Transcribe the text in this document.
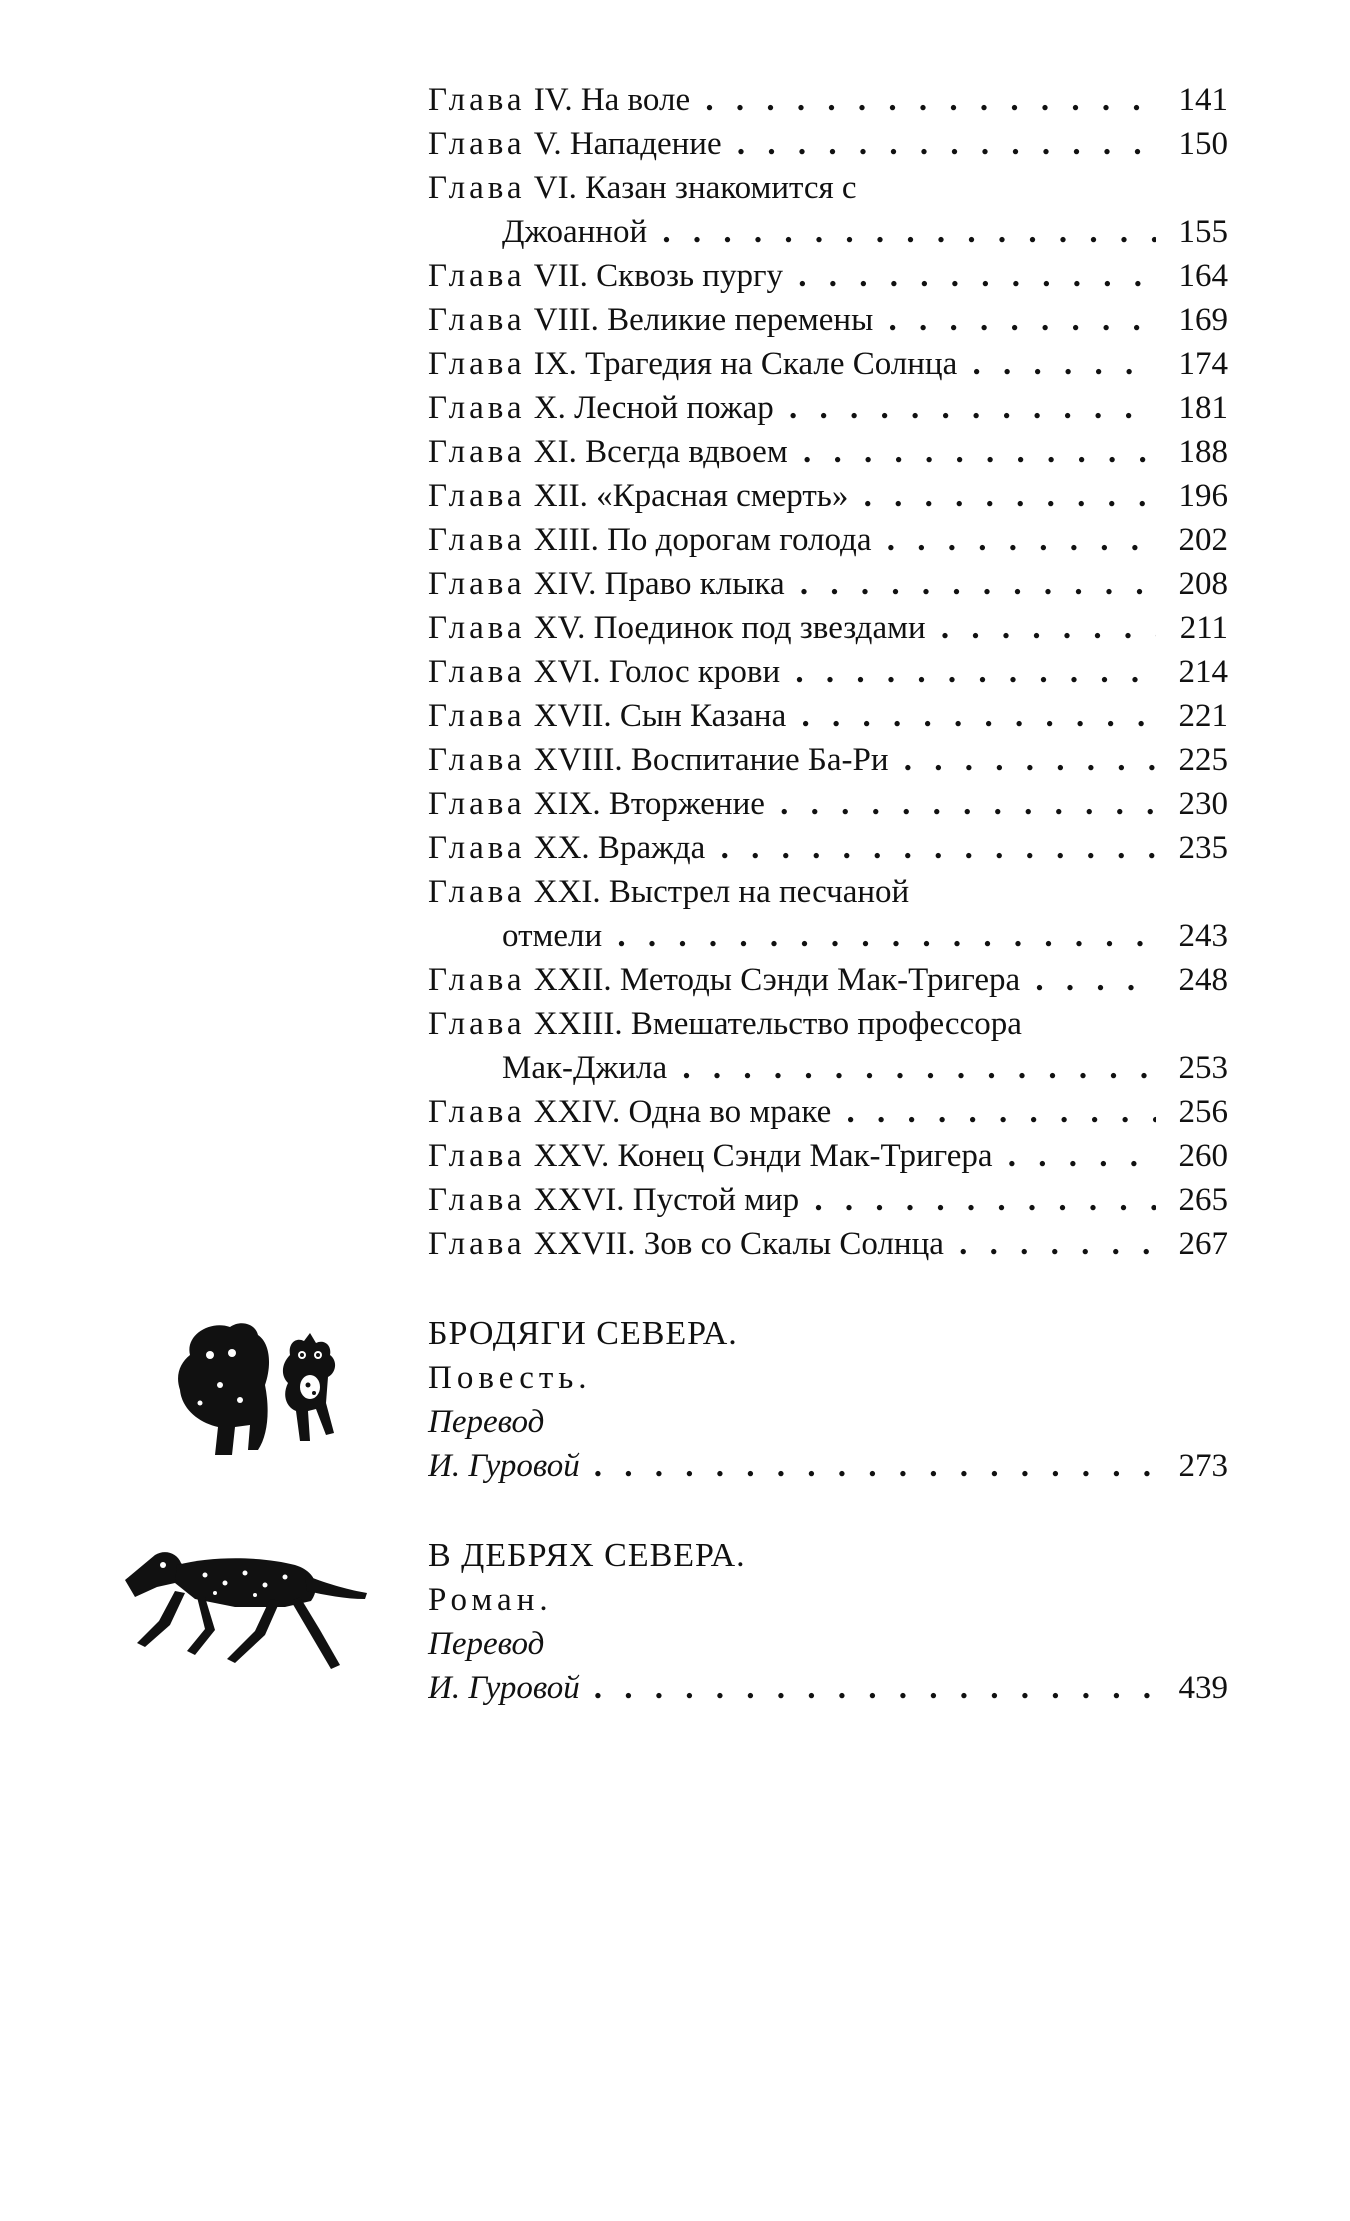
Глава IV. На воле . . .	141
Глава V. Нападение . . .	150
Глава VI. Казан знакомится с
Джоанной . . .	155
Глава VII. Сквозь пургу . . .	164
Глава VIII. Великие перемены . . .	169
Глава IX. Трагедия на Скале Солнца . . .	174
Глава X. Лесной пожар . . .	181
Глава XI. Всегда вдвоем . . .	188
Глава XII. «Красная смерть» . . .	196
Глава XIII. По дорогам голода . . .	202
Глава XIV. Право клыка . . .	208
Глава XV. Поединок под звездами . . .	211
Глава XVI. Голос крови . . .	214
Глава XVII. Сын Казана . . .	221
Глава XVIII. Воспитание Ба-Ри . . .	225
Глава XIX. Вторжение . . .	230
Глава XX. Вражда . . .	235
Глава XXI. Выстрел на песчаной
отмели . . .	243
Глава XXII. Методы Сэнди Мак-Тригера . . .	248
Глава XXIII. Вмешательство профессора
Мак-Джила . . .	253
Глава XXIV. Одна во мраке . . .	256
Глава XXV. Конец Сэнди Мак-Тригера . . .	260
Глава XXVI. Пустой мир . . .	265
Глава XXVII. Зов со Скалы Солнца . . .	267
БРОДЯГИ СЕВЕРА.
Повесть.
Перевод
И. Гуровой . . .	273
В ДЕБРЯХ СЕВЕРА.
Роман.
Перевод
И. Гуровой . . .	439
